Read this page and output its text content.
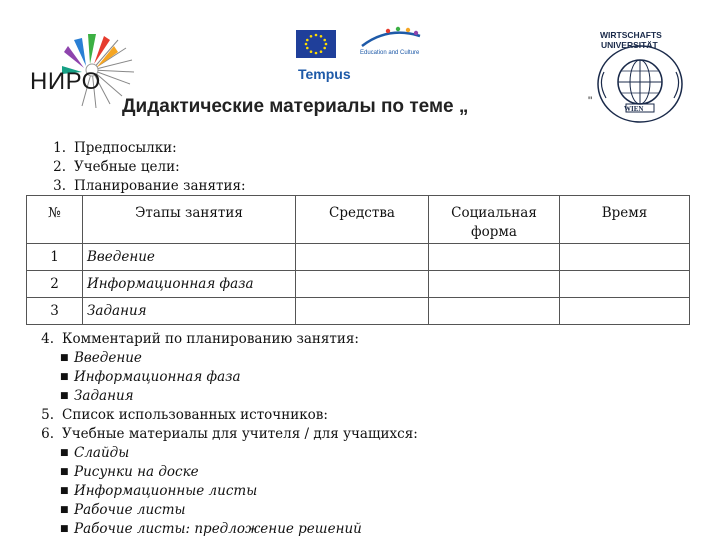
НИРО
Education and Culture
Tempus
WIRTSCHAFTS
UNIVERSITÄT
WIEN
Дидактические материалы по теме „	"
1. Предпосылки:
2. Учебные цели:
3. Планирование занятия:
№	Этапы занятия	Средства	Социальная форма	Время
1	Введение			
2	Информационная фаза			
3	Задания			
4. Комментарий по планированию занятия:
■ Введение
■ Информационная фаза
■ Задания
5. Список использованных источников:
6. Учебные материалы для учителя / для учащихся:
■ Слайды
■ Рисунки на доске
■ Информационные листы
■ Рабочие листы
■ Рабочие листы: предложение решений
